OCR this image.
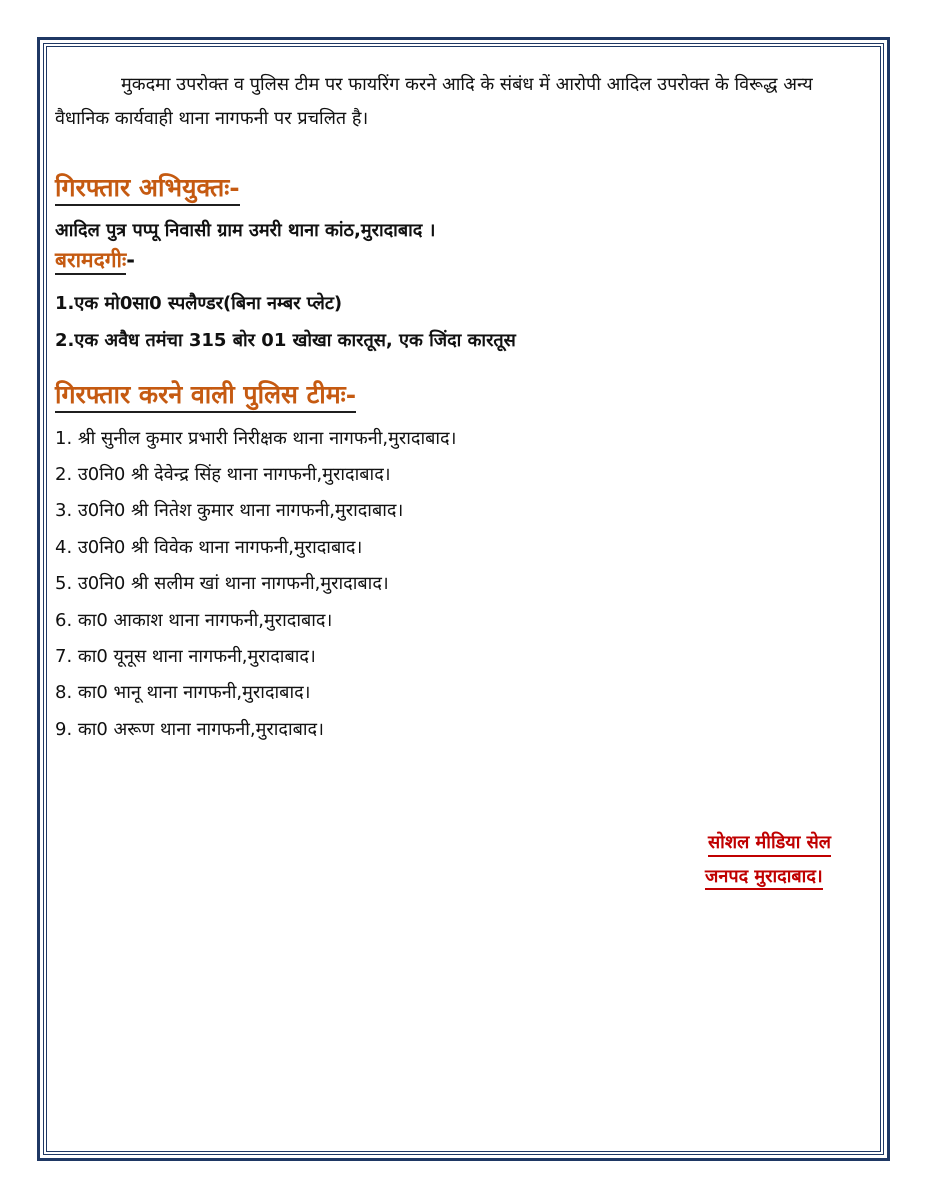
मुकदमा उपरोक्त व पुलिस टीम पर फायरिंग करने आदि के संबंध में आरोपी आदिल उपरोक्त के विरूद्ध अन्य वैधानिक कार्यवाही थाना नागफनी पर प्रचलित है।

गिरफ्तार अभियुक्तः-

आदिल पुत्र पप्पू निवासी ग्राम उमरी थाना कांठ,मुरादाबाद ।

बरामदगीः-
1.एक मो0सा0 स्पलैण्डर(बिना नम्बर प्लेट)
2.एक अवैध तमंचा 315 बोर 01 खोखा कारतूस, एक जिंदा कारतूस
गिरफ्तार करने वाली पुलिस टीमः-
1. श्री सुनील कुमार प्रभारी निरीक्षक थाना नागफनी,मुरादाबाद।
2. उ0नि0 श्री देवेन्द्र सिंह थाना नागफनी,मुरादाबाद।
3. उ0नि0 श्री नितेश कुमार थाना नागफनी,मुरादाबाद।
4. उ0नि0 श्री विवेक थाना नागफनी,मुरादाबाद।
5. उ0नि0 श्री सलीम खां थाना नागफनी,मुरादाबाद।
6. का0 आकाश थाना नागफनी,मुरादाबाद।
7. का0 यूनूस थाना नागफनी,मुरादाबाद।
8. का0 भानू थाना नागफनी,मुरादाबाद।
9. का0 अरूण थाना नागफनी,मुरादाबाद।
सोशल मीडिया सेल
जनपद मुरादाबाद।
